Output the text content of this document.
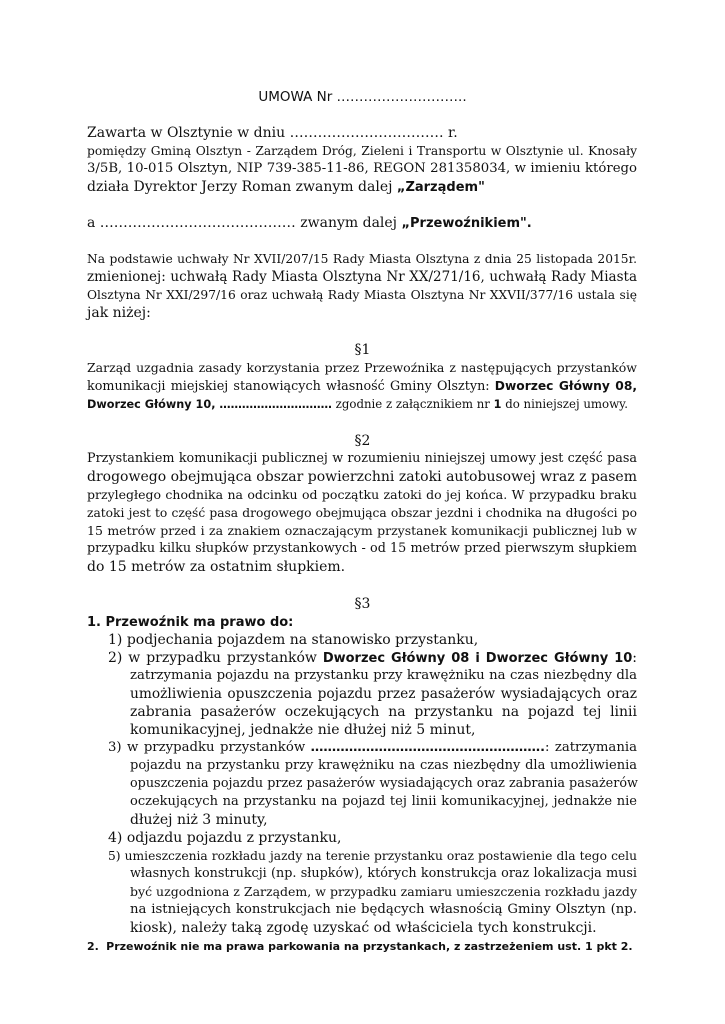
UMOWA Nr ………………………..
Zawarta w Olsztynie w dniu …………………………… r.
pomiędzy Gminą Olsztyn - Zarządem Dróg, Zieleni i Transportu w Olsztynie ul. Knosały
3/5B, 10-015 Olsztyn, NIP 739-385-11-86, REGON 281358034, w imieniu którego
działa Dyrektor Jerzy Roman zwanym dalej „Zarządem"
a …………………………………… zwanym dalej „Przewoźnikiem".
Na podstawie uchwały Nr XVII/207/15 Rady Miasta Olsztyna z dnia 25 listopada 2015r.
zmienionej: uchwałą Rady Miasta Olsztyna Nr XX/271/16, uchwałą Rady Miasta
Olsztyna Nr XXI/297/16 oraz uchwałą Rady Miasta Olsztyna Nr XXVII/377/16 ustala się
jak niżej:
§1
Zarząd uzgadnia zasady korzystania przez Przewoźnika z następujących przystanków
komunikacji miejskiej stanowiących własność Gminy Olsztyn: Dworzec Główny 08,
Dworzec Główny 10, ………………………… zgodnie z załącznikiem nr 1 do niniejszej umowy.
§2
Przystankiem komunikacji publicznej w rozumieniu niniejszej umowy jest część pasa
drogowego obejmująca obszar powierzchni zatoki autobusowej wraz z pasem
przyległego chodnika na odcinku od początku zatoki do jej końca. W przypadku braku
zatoki jest to część pasa drogowego obejmująca obszar jezdni i chodnika na długości po
15 metrów przed i za znakiem oznaczającym przystanek komunikacji publicznej lub w
przypadku kilku słupków przystankowych - od 15 metrów przed pierwszym słupkiem
do 15 metrów za ostatnim słupkiem.
§3
1. Przewoźnik ma prawo do:
1) podjechania pojazdem na stanowisko przystanku,
2) w przypadku przystanków Dworzec Główny 08 i Dworzec Główny 10:
zatrzymania pojazdu na przystanku przy krawężniku na czas niezbędny dla
umożliwienia opuszczenia pojazdu przez pasażerów wysiadających oraz
zabrania pasażerów oczekujących na przystanku na pojazd tej linii
komunikacyjnej, jednakże nie dłużej niż 5 minut,
3) w przypadku przystanków ……………………………………………….: zatrzymania
pojazdu na przystanku przy krawężniku na czas niezbędny dla umożliwienia
opuszczenia pojazdu przez pasażerów wysiadających oraz zabrania pasażerów
oczekujących na przystanku na pojazd tej linii komunikacyjnej, jednakże nie
dłużej niż 3 minuty,
4) odjazdu pojazdu z przystanku,
5) umieszczenia rozkładu jazdy na terenie przystanku oraz postawienie dla tego celu
własnych konstrukcji (np. słupków), których konstrukcja oraz lokalizacja musi
być uzgodniona z Zarządem, w przypadku zamiaru umieszczenia rozkładu jazdy
na istniejących konstrukcjach nie będących własnością Gminy Olsztyn (np.
kiosk), należy taką zgodę uzyskać od właściciela tych konstrukcji.
2. Przewoźnik nie ma prawa parkowania na przystankach, z zastrzeżeniem ust. 1 pkt 2.
